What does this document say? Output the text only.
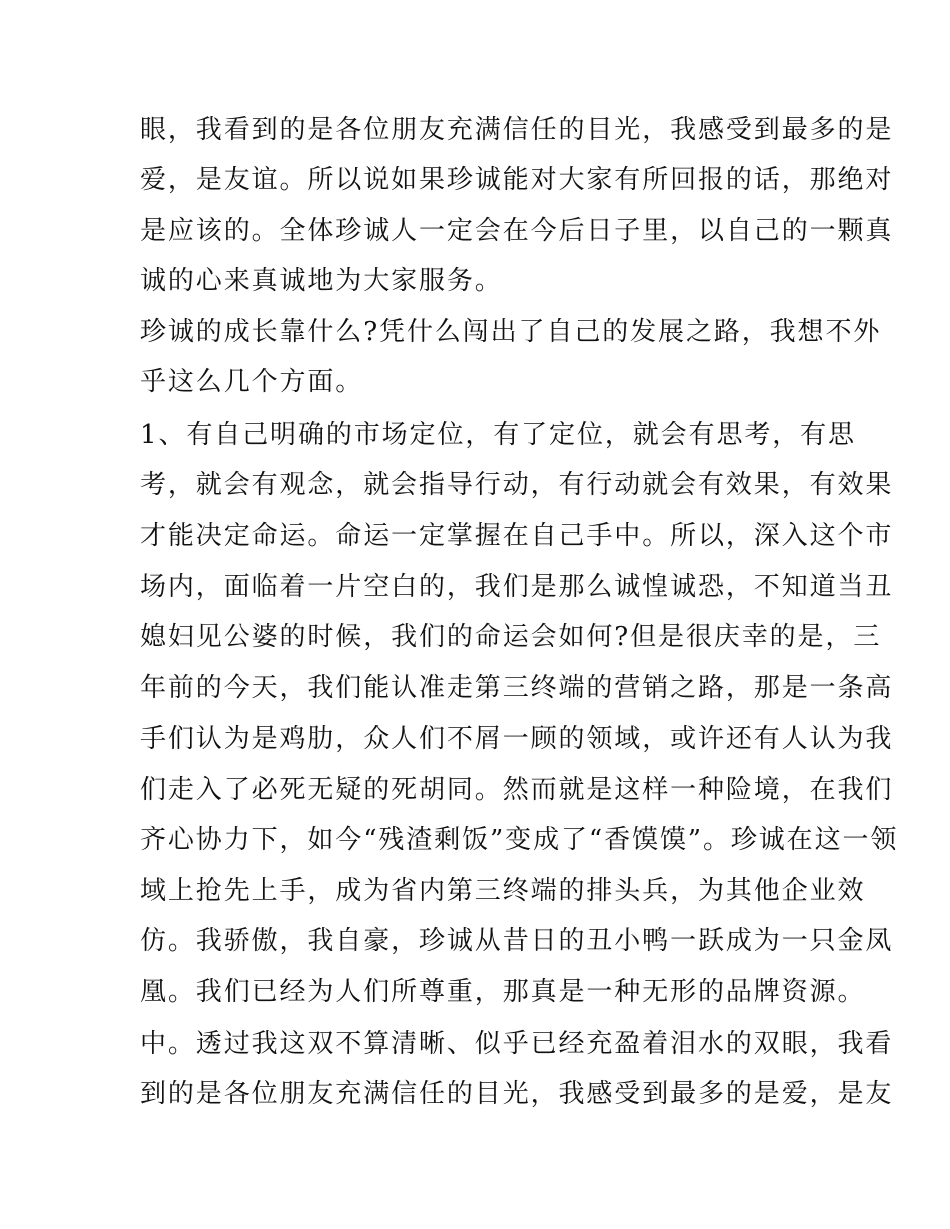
眼，我看到的是各位朋友充满信任的目光，我感受到最多的是
爱，是友谊。所以说如果珍诚能对大家有所回报的话，那绝对
是应该的。全体珍诚人一定会在今后日子里，以自己的一颗真
诚的心来真诚地为大家服务。
珍诚的成长靠什么?凭什么闯出了自己的发展之路，我想不外
乎这么几个方面。
1、有自己明确的市场定位，有了定位，就会有思考，有思
考，就会有观念，就会指导行动，有行动就会有效果，有效果
才能决定命运。命运一定掌握在自己手中。所以，深入这个市
场内，面临着一片空白的，我们是那么诚惶诚恐，不知道当丑
媳妇见公婆的时候，我们的命运会如何?但是很庆幸的是，三
年前的今天，我们能认准走第三终端的营销之路，那是一条高
手们认为是鸡肋，众人们不屑一顾的领域，或许还有人认为我
们走入了必死无疑的死胡同。然而就是这样一种险境，在我们
齐心协力下，如今“残渣剩饭”变成了“香馍馍”。珍诚在这一领
域上抢先上手，成为省内第三终端的排头兵，为其他企业效
仿。我骄傲，我自豪，珍诚从昔日的丑小鸭一跃成为一只金凤
凰。我们已经为人们所尊重，那真是一种无形的品牌资源。
中。透过我这双不算清晰、似乎已经充盈着泪水的双眼，我看
到的是各位朋友充满信任的目光，我感受到最多的是爱，是友
